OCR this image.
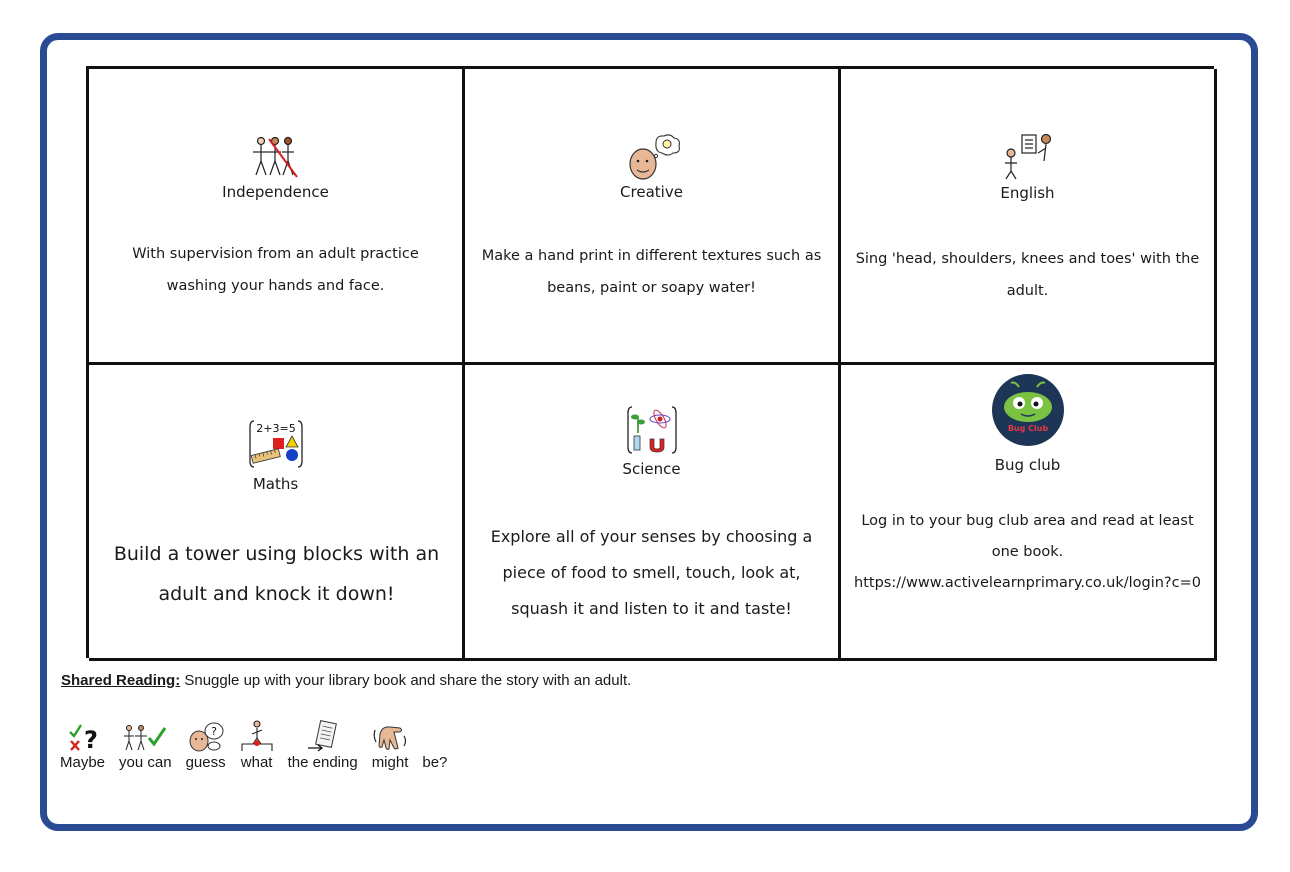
Independence
With supervision from an adult practice washing your hands and face.
Creative
Make a hand print in different textures such as beans, paint or soapy water!
English
Sing 'head, shoulders, knees and toes' with the adult.
2+3=5
Maths
Build a tower using blocks with an adult and knock it down!
Science
Explore all of your senses by choosing a piece of food to smell, touch, look at, squash it and listen to it and taste!
Bug Club
Bug club
Log in to your bug club area and read at least one book.
https://www.activelearnprimary.co.uk/login?c=0
Shared Reading: Snuggle up with your library book and share the story with an adult.
?
Maybe you can
?
guess what the ending might be?
